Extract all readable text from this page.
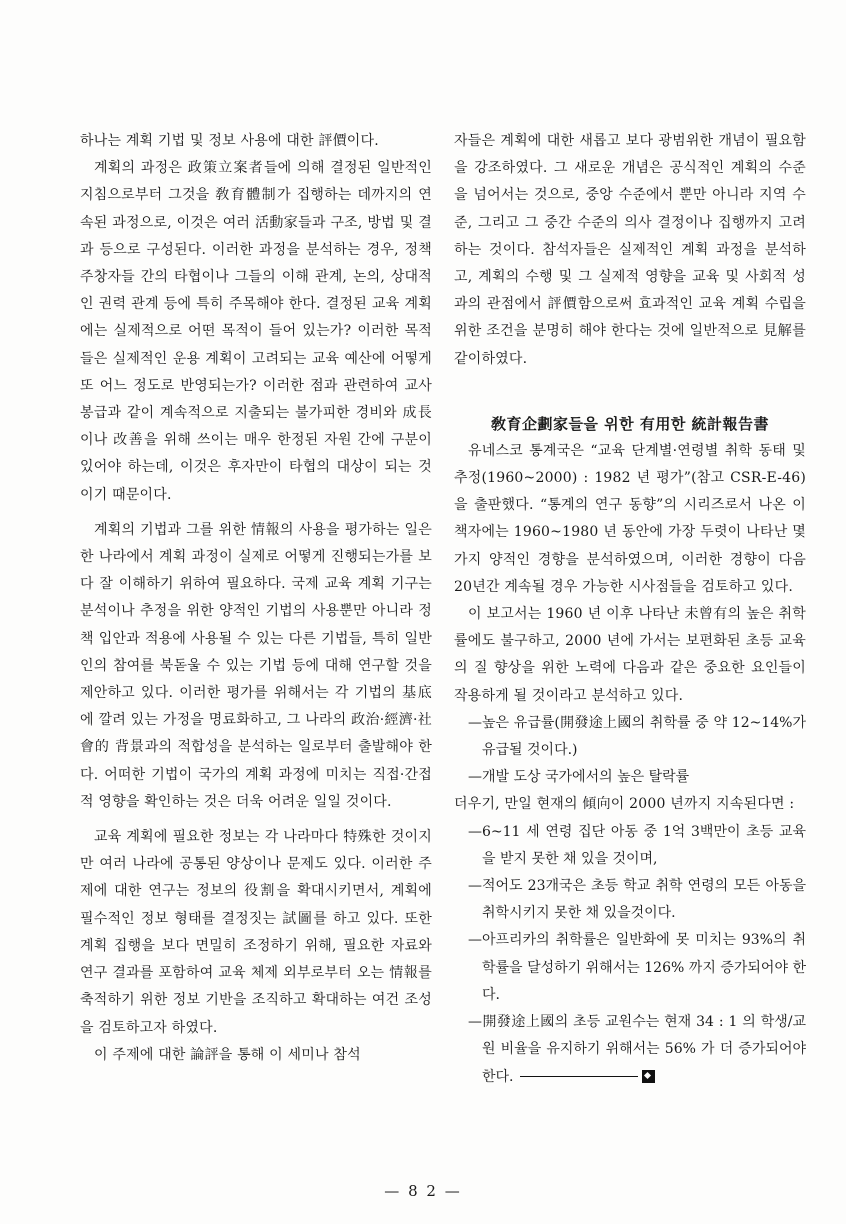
하나는 계획 기법 및 정보 사용에 대한 評價이다.

계획의 과정은 政策立案者들에 의해 결정된 일반적인 지침으로부터 그것을 敎育體制가 집행하는 데까지의 연속된 과정으로, 이것은 여러 活動家들과 구조, 방법 및 결과 등으로 구성된다. 이러한 과정을 분석하는 경우, 정책 주창자들 간의 타협이나 그들의 이해 관계, 논의, 상대적인 권력 관계 등에 특히 주목해야 한다. 결정된 교육 계획에는 실제적으로 어떤 목적이 들어 있는가? 이러한 목적들은 실제적인 운용 계획이 고려되는 교육 예산에 어떻게 또 어느 정도로 반영되는가? 이러한 점과 관련하여 교사 봉급과 같이 계속적으로 지출되는 불가피한 경비와 成長이나 改善을 위해 쓰이는 매우 한정된 자원 간에 구분이 있어야 하는데, 이것은 후자만이 타협의 대상이 되는 것이기 때문이다.

계획의 기법과 그를 위한 情報의 사용을 평가하는 일은 한 나라에서 계획 과정이 실제로 어떻게 진행되는가를 보다 잘 이해하기 위하여 필요하다. 국제 교육 계획 기구는 분석이나 추정을 위한 양적인 기법의 사용뿐만 아니라 정책 입안과 적용에 사용될 수 있는 다른 기법들, 특히 일반인의 참여를 북돋울 수 있는 기법 등에 대해 연구할 것을 제안하고 있다. 이러한 평가를 위해서는 각 기법의 基底에 깔려 있는 가정을 명료화하고, 그 나라의 政治·經濟·社會的 背景과의 적합성을 분석하는 일로부터 출발해야 한다. 어떠한 기법이 국가의 계획 과정에 미치는 직접·간접적 영향을 확인하는 것은 더욱 어려운 일일 것이다.

교육 계획에 필요한 정보는 각 나라마다 特殊한 것이지만 여러 나라에 공통된 양상이나 문제도 있다. 이러한 주제에 대한 연구는 정보의 役割을 확대시키면서, 계획에 필수적인 정보 형태를 결정짓는 試圖를 하고 있다. 또한 계획 집행을 보다 면밀히 조정하기 위해, 필요한 자료와 연구 결과를 포함하여 교육 체제 외부로부터 오는 情報를 축적하기 위한 정보 기반을 조직하고 확대하는 여건 조성을 검토하고자 하였다.

이 주제에 대한 論評을 통해 이 세미나 참석

자들은 계획에 대한 새롭고 보다 광범위한 개념이 필요함을 강조하였다. 그 새로운 개념은 공식적인 계획의 수준을 넘어서는 것으로, 중앙 수준에서 뿐만 아니라 지역 수준, 그리고 그 중간 수준의 의사 결정이나 집행까지 고려하는 것이다. 참석자들은 실제적인 계획 과정을 분석하고, 계획의 수행 및 그 실제적 영향을 교육 및 사회적 성과의 관점에서 評價함으로써 효과적인 교육 계획 수립을 위한 조건을 분명히 해야 한다는 것에 일반적으로 見解를 같이하였다.

敎育企劃家들을 위한 有用한 統計報告書

유네스코 통계국은 “교육 단계별·연령별 취학 동태 및 추정(1960~2000) : 1982 년 평가”(참고 CSR-E-46)을 출판했다. “통계의 연구 동향”의 시리즈로서 나온 이 책자에는 1960~1980 년 동안에 가장 두렷이 나타난 몇 가지 양적인 경향을 분석하였으며, 이러한 경향이 다음 20년간 계속될 경우 가능한 시사점들을 검토하고 있다.

이 보고서는 1960 년 이후 나타난 未曾有의 높은 취학률에도 불구하고, 2000 년에 가서는 보편화된 초등 교육의 질 향상을 위한 노력에 다음과 같은 중요한 요인들이 작용하게 될 것이라고 분석하고 있다.

—높은 유급률(開發途上國의 취학률 중 약 12~14%가 유급될 것이다.)

—개발 도상 국가에서의 높은 탈락률

더우기, 만일 현재의 傾向이 2000 년까지 지속된다면 :

—6~11 세 연령 집단 아동 중 1억 3백만이 초등 교육을 받지 못한 채 있을 것이며,

—적어도 23개국은 초등 학교 취학 연령의 모든 아동을 취학시키지 못한 채 있을것이다.

—아프리카의 취학률은 일반화에 못 미치는 93%의 취학률을 달성하기 위해서는 126% 까지 증가되어야 한다.

—開發途上國의 초등 교원수는 현재 34 : 1 의 학생/교원 비율을 유지하기 위해서는 56% 가 더 증가되어야 한다.

— 8 2 —
